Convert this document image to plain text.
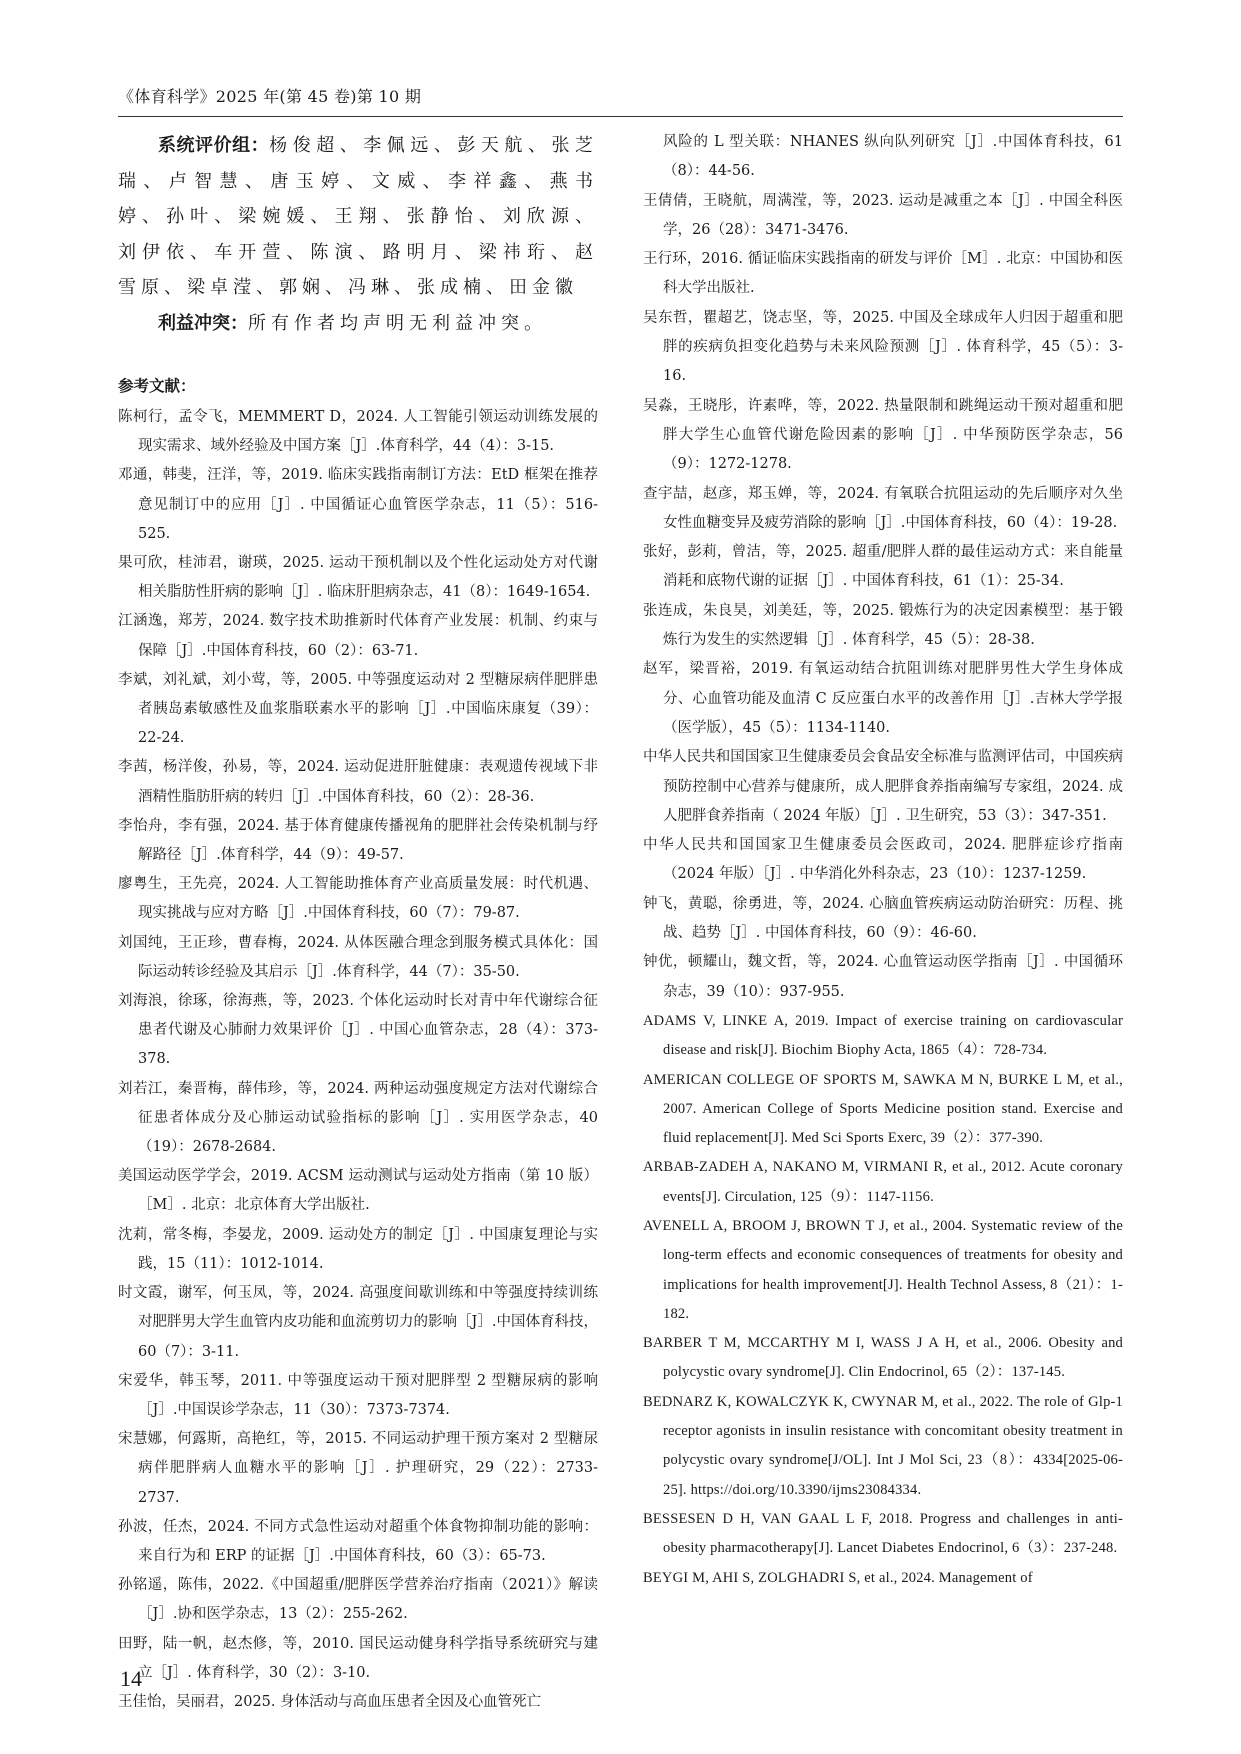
《体育科学》2025 年(第 45 卷)第 10 期

系统评价组：杨俊超、李佩远、彭天航、张芝瑞、卢智慧、唐玉婷、文威、李祥鑫、燕书婷、孙叶、梁婉媛、王翔、张静怡、刘欣源、刘伊依、车开萱、陈演、路明月、梁祎珩、赵雪原、梁卓滢、郭娴、冯琳、张成楠、田金徽

利益冲突：所有作者均声明无利益冲突。

参考文献：
陈柯行，孟令飞，MEMMERT D，2024. 人工智能引领运动训练发展的现实需求、域外经验及中国方案［J］.体育科学，44（4）：3-15.
邓通，韩斐，汪洋，等，2019. 临床实践指南制订方法：EtD 框架在推荐意见制订中的应用［J］. 中国循证心血管医学杂志，11（5）：516-525.
果可欣，桂沛君，谢瑛，2025. 运动干预机制以及个性化运动处方对代谢相关脂肪性肝病的影响［J］. 临床肝胆病杂志，41（8）：1649-1654.
江涵逸，郑芳，2024. 数字技术助推新时代体育产业发展：机制、约束与保障［J］.中国体育科技，60（2）：63-71.
李斌，刘礼斌，刘小莺，等，2005. 中等强度运动对 2 型糖尿病伴肥胖患者胰岛素敏感性及血浆脂联素水平的影响［J］.中国临床康复（39）：22-24.
李茜，杨洋俊，孙易，等，2024. 运动促进肝脏健康：表观遗传视域下非酒精性脂肪肝病的转归［J］.中国体育科技，60（2）：28-36.
李怡舟，李有强，2024. 基于体育健康传播视角的肥胖社会传染机制与纾解路径［J］.体育科学，44（9）：49-57.
廖粤生，王先亮，2024. 人工智能助推体育产业高质量发展：时代机遇、现实挑战与应对方略［J］.中国体育科技，60（7）：79-87.
刘国纯，王正珍，曹春梅，2024. 从体医融合理念到服务模式具体化：国际运动转诊经验及其启示［J］.体育科学，44（7）：35-50.
刘海浪，徐琢，徐海燕，等，2023. 个体化运动时长对青中年代谢综合征患者代谢及心肺耐力效果评价［J］. 中国心血管杂志，28（4）：373-378.
刘若江，秦晋梅，薛伟珍，等，2024. 两种运动强度规定方法对代谢综合征患者体成分及心肺运动试验指标的影响［J］. 实用医学杂志，40（19）：2678-2684.
美国运动医学学会，2019. ACSM 运动测试与运动处方指南（第 10 版）［M］. 北京：北京体育大学出版社.
沈莉，常冬梅，李晏龙，2009. 运动处方的制定［J］. 中国康复理论与实践，15（11）：1012-1014.
时文霞，谢军，何玉凤，等，2024. 高强度间歇训练和中等强度持续训练对肥胖男大学生血管内皮功能和血流剪切力的影响［J］.中国体育科技，60（7）：3-11.
宋爱华，韩玉琴，2011. 中等强度运动干预对肥胖型 2 型糖尿病的影响［J］.中国误诊学杂志，11（30）：7373-7374.
宋慧娜，何露斯，高艳红，等，2015. 不同运动护理干预方案对 2 型糖尿病伴肥胖病人血糖水平的影响［J］. 护理研究，29（22）：2733-2737.
孙波，任杰，2024. 不同方式急性运动对超重个体食物抑制功能的影响：来自行为和 ERP 的证据［J］.中国体育科技，60（3）：65-73.
孙铭遥，陈伟，2022.《中国超重/肥胖医学营养治疗指南（2021）》解读［J］.协和医学杂志，13（2）：255-262.
田野，陆一帆，赵杰修，等，2010. 国民运动健身科学指导系统研究与建立［J］. 体育科学，30（2）：3-10.
王佳怡，吴丽君，2025. 身体活动与高血压患者全因及心血管死亡
风险的 L 型关联：NHANES 纵向队列研究［J］.中国体育科技，61（8）：44-56.
王倩倩，王晓航，周满滢，等，2023. 运动是减重之本［J］. 中国全科医学，26（28）：3471-3476.
王行环，2016. 循证临床实践指南的研发与评价［M］. 北京：中国协和医科大学出版社.
吴东哲，瞿超艺，饶志坚，等，2025. 中国及全球成年人归因于超重和肥胖的疾病负担变化趋势与未来风险预测［J］. 体育科学，45（5）：3-16.
吴淼，王晓彤，许素哗，等，2022. 热量限制和跳绳运动干预对超重和肥胖大学生心血管代谢危险因素的影响［J］. 中华预防医学杂志，56（9）：1272-1278.
查宇喆，赵彦，郑玉婵，等，2024. 有氧联合抗阻运动的先后顺序对久坐女性血糖变异及疲劳消除的影响［J］.中国体育科技，60（4）：19-28.
张好，彭莉，曾洁，等，2025. 超重/肥胖人群的最佳运动方式：来自能量消耗和底物代谢的证据［J］. 中国体育科技，61（1）：25-34.
张连成，朱良昊，刘美廷，等，2025. 锻炼行为的决定因素模型：基于锻炼行为发生的实然逻辑［J］. 体育科学，45（5）：28-38.
赵军，梁晋裕，2019. 有氧运动结合抗阻训练对肥胖男性大学生身体成分、心血管功能及血清 C 反应蛋白水平的改善作用［J］.吉林大学学报（医学版），45（5）：1134-1140.
中华人民共和国国家卫生健康委员会食品安全标准与监测评估司，中国疾病预防控制中心营养与健康所，成人肥胖食养指南编写专家组，2024. 成人肥胖食养指南（ 2024 年版）［J］. 卫生研究，53（3）：347-351.
中华人民共和国国家卫生健康委员会医政司，2024. 肥胖症诊疗指南（2024 年版）［J］. 中华消化外科杂志，23（10）：1237-1259.
钟飞，黄聪，徐勇进，等，2024. 心脑血管疾病运动防治研究：历程、挑战、趋势［J］. 中国体育科技，60（9）：46-60.
钟优，顿耀山，魏文哲，等，2024. 心血管运动医学指南［J］. 中国循环杂志，39（10）：937-955.
ADAMS V, LINKE A, 2019. Impact of exercise training on cardiovascular disease and risk[J]. Biochim Biophy Acta, 1865（4）：728-734.
AMERICAN COLLEGE OF SPORTS M, SAWKA M N, BURKE L M, et al., 2007. American College of Sports Medicine position stand. Exercise and fluid replacement[J]. Med Sci Sports Exerc, 39（2）：377-390.
ARBAB-ZADEH A, NAKANO M, VIRMANI R, et al., 2012. Acute coronary events[J]. Circulation, 125（9）：1147-1156.
AVENELL A, BROOM J, BROWN T J, et al., 2004. Systematic review of the long-term effects and economic consequences of treatments for obesity and implications for health improvement[J]. Health Technol Assess, 8（21）：1-182.
BARBER T M, MCCARTHY M I, WASS J A H, et al., 2006. Obesity and polycystic ovary syndrome[J]. Clin Endocrinol, 65（2）：137-145.
BEDNARZ K, KOWALCZYK K, CWYNAR M, et al., 2022. The role of Glp-1 receptor agonists in insulin resistance with concomitant obesity treatment in polycystic ovary syndrome[J/OL]. Int J Mol Sci, 23（8）：4334[2025-06-25]. https://doi.org/10.3390/ijms23084334.
BESSESEN D H, VAN GAAL L F, 2018. Progress and challenges in anti-obesity pharmacotherapy[J]. Lancet Diabetes Endocrinol, 6（3）：237-248.
BEYGI M, AHI S, ZOLGHADRI S, et al., 2024. Management of
14
